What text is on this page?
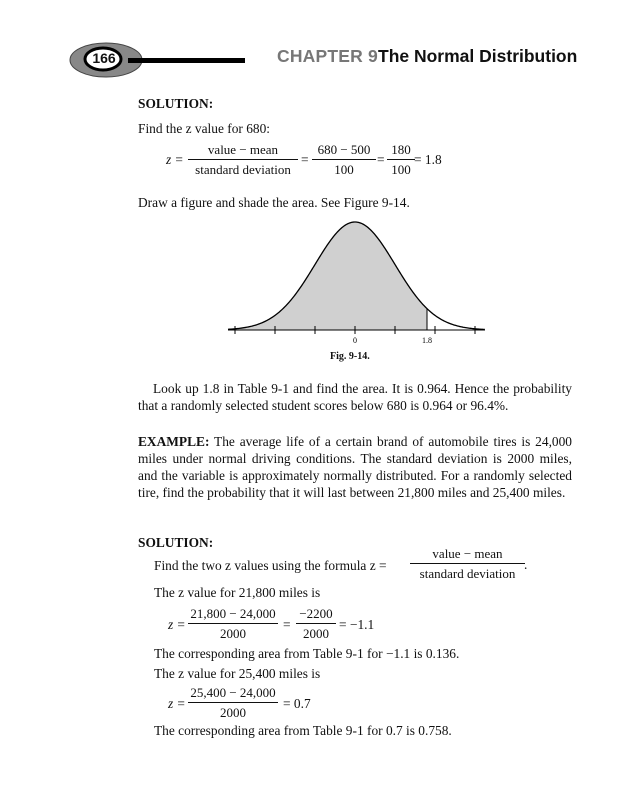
166	CHAPTER 9 The Normal Distribution
SOLUTION:
Find the z value for 680:
z =
value − mean
standard deviation
= $\frac{680 - 500}{100} = \frac{180}{100} = 1.8$
Draw a figure and shade the area. See Figure 9-14.
0	1.8
Fig. 9-14.
Look up 1.8 in Table 9-1 and find the area. It is 0.964. Hence the probability that a randomly selected student scores below 680 is 0.964 or 96.4%.
EXAMPLE: The average life of a certain brand of automobile tires is 24,000 miles under normal driving conditions. The standard deviation is 2000 miles, and the variable is approximately normally distributed. For a randomly selected tire, find the probability that it will last between 21,800 miles and 25,400 miles.
SOLUTION:
Find the two z values using the formula z =
value − mean
standard deviation
.
The z value for 21,800 miles is
$z = \frac{21,800 - 24,000}{2000} = \frac{-2200}{2000} = -1.1$
The corresponding area from Table 9-1 for −1.1 is 0.136.
The z value for 25,400 miles is
$z = \frac{25,400 - 24,000}{2000} = 0.7$
The corresponding area from Table 9-1 for 0.7 is 0.758.
